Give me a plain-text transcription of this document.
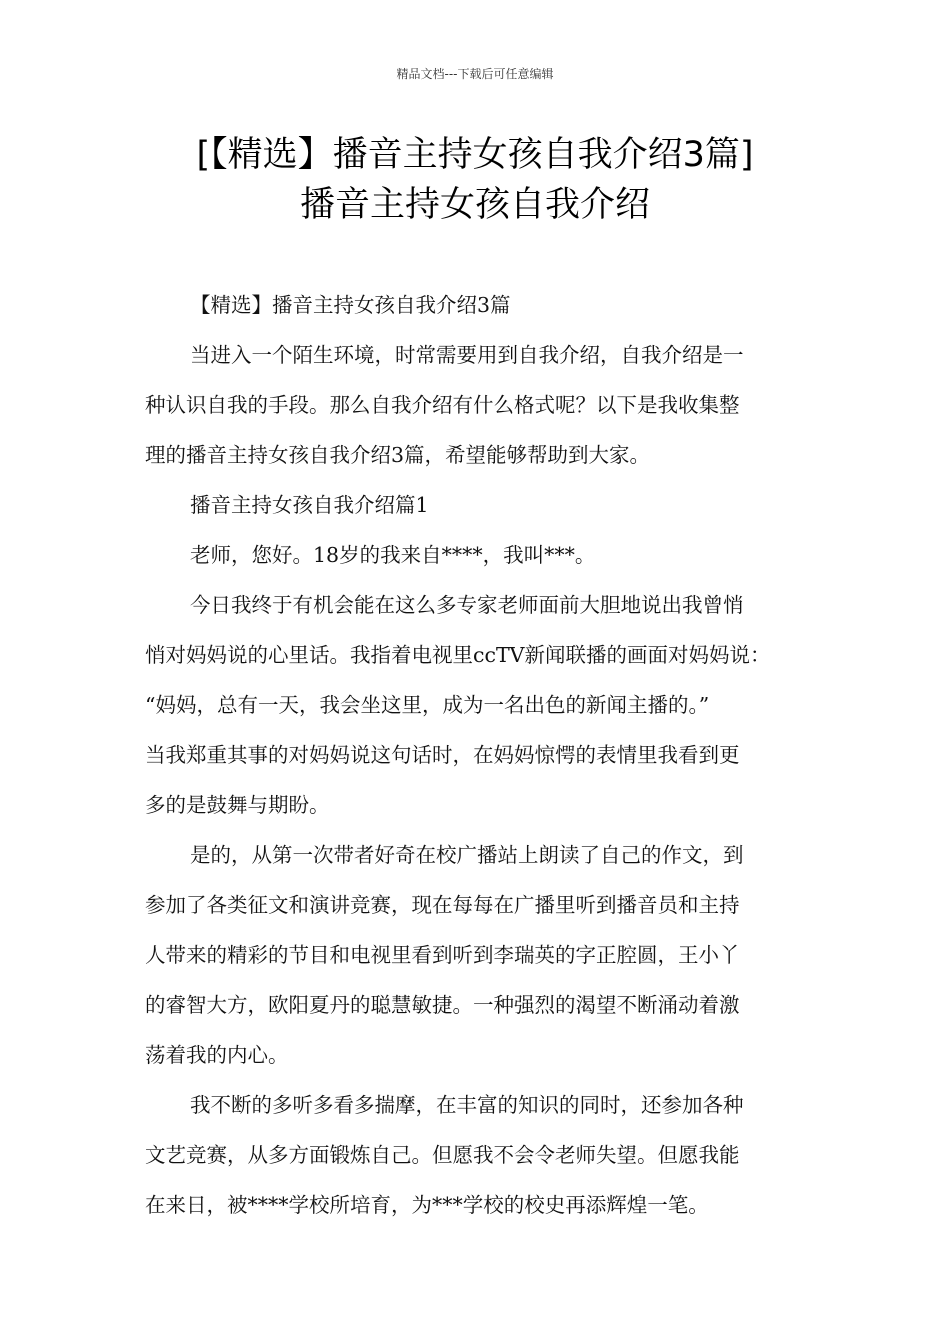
精品文档---下载后可任意编辑
[【精选】播音主持女孩自我介绍3篇]
播音主持女孩自我介绍

【精选】播音主持女孩自我介绍3篇

当进入一个陌生环境，时常需要用到自我介绍，自我介绍是一
种认识自我的手段。那么自我介绍有什么格式呢？以下是我收集整
理的播音主持女孩自我介绍3篇，希望能够帮助到大家。

播音主持女孩自我介绍篇1

老师，您好。18岁的我来自****，我叫***。

今日我终于有机会能在这么多专家老师面前大胆地说出我曾悄
悄对妈妈说的心里话。我指着电视里ccTV新闻联播的画面对妈妈说：
“妈妈，总有一天，我会坐这里，成为一名出色的新闻主播的。”
当我郑重其事的对妈妈说这句话时，在妈妈惊愕的表情里我看到更
多的是鼓舞与期盼。

是的，从第一次带者好奇在校广播站上朗读了自己的作文，到
参加了各类征文和演讲竞赛，现在每每在广播里听到播音员和主持
人带来的精彩的节目和电视里看到听到李瑞英的字正腔圆，王小丫
的睿智大方，欧阳夏丹的聪慧敏捷。一种强烈的渴望不断涌动着激
荡着我的内心。

我不断的多听多看多揣摩，在丰富的知识的同时，还参加各种
文艺竞赛，从多方面锻炼自己。但愿我不会令老师失望。但愿我能
在来日，被****学校所培育，为***学校的校史再添辉煌一笔。
